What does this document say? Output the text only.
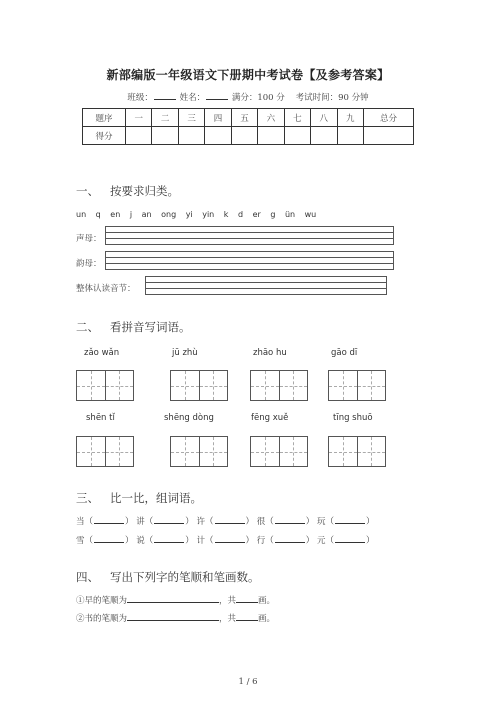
新部编版一年级语文下册期中考试卷【及参考答案】
班级：	姓名：	满分：100 分 考试时间：90 分钟
题序	一	二	三	四	五	六	七	八	九	总分
得分										
一、 按要求归类。
un q en j an ong yi yin k d er g ün wu
声母：
韵母：
整体认读音节：
二、 看拼音写词语。
zǎo wǎn	jū zhù	zhāo hu	gāo dī
shēn tǐ	shēng dòng	fēng xuě	tīng shuō
三、 比一比，组词语。
当（	） 讲（	） 许（	） 很（	） 玩（	）
雪（	） 说（	） 计（	） 行（	） 元（	）
四、 写出下列字的笔顺和笔画数。
①早的笔顺为	，共	画。
②书的笔顺为	，共	画。
1 / 6
